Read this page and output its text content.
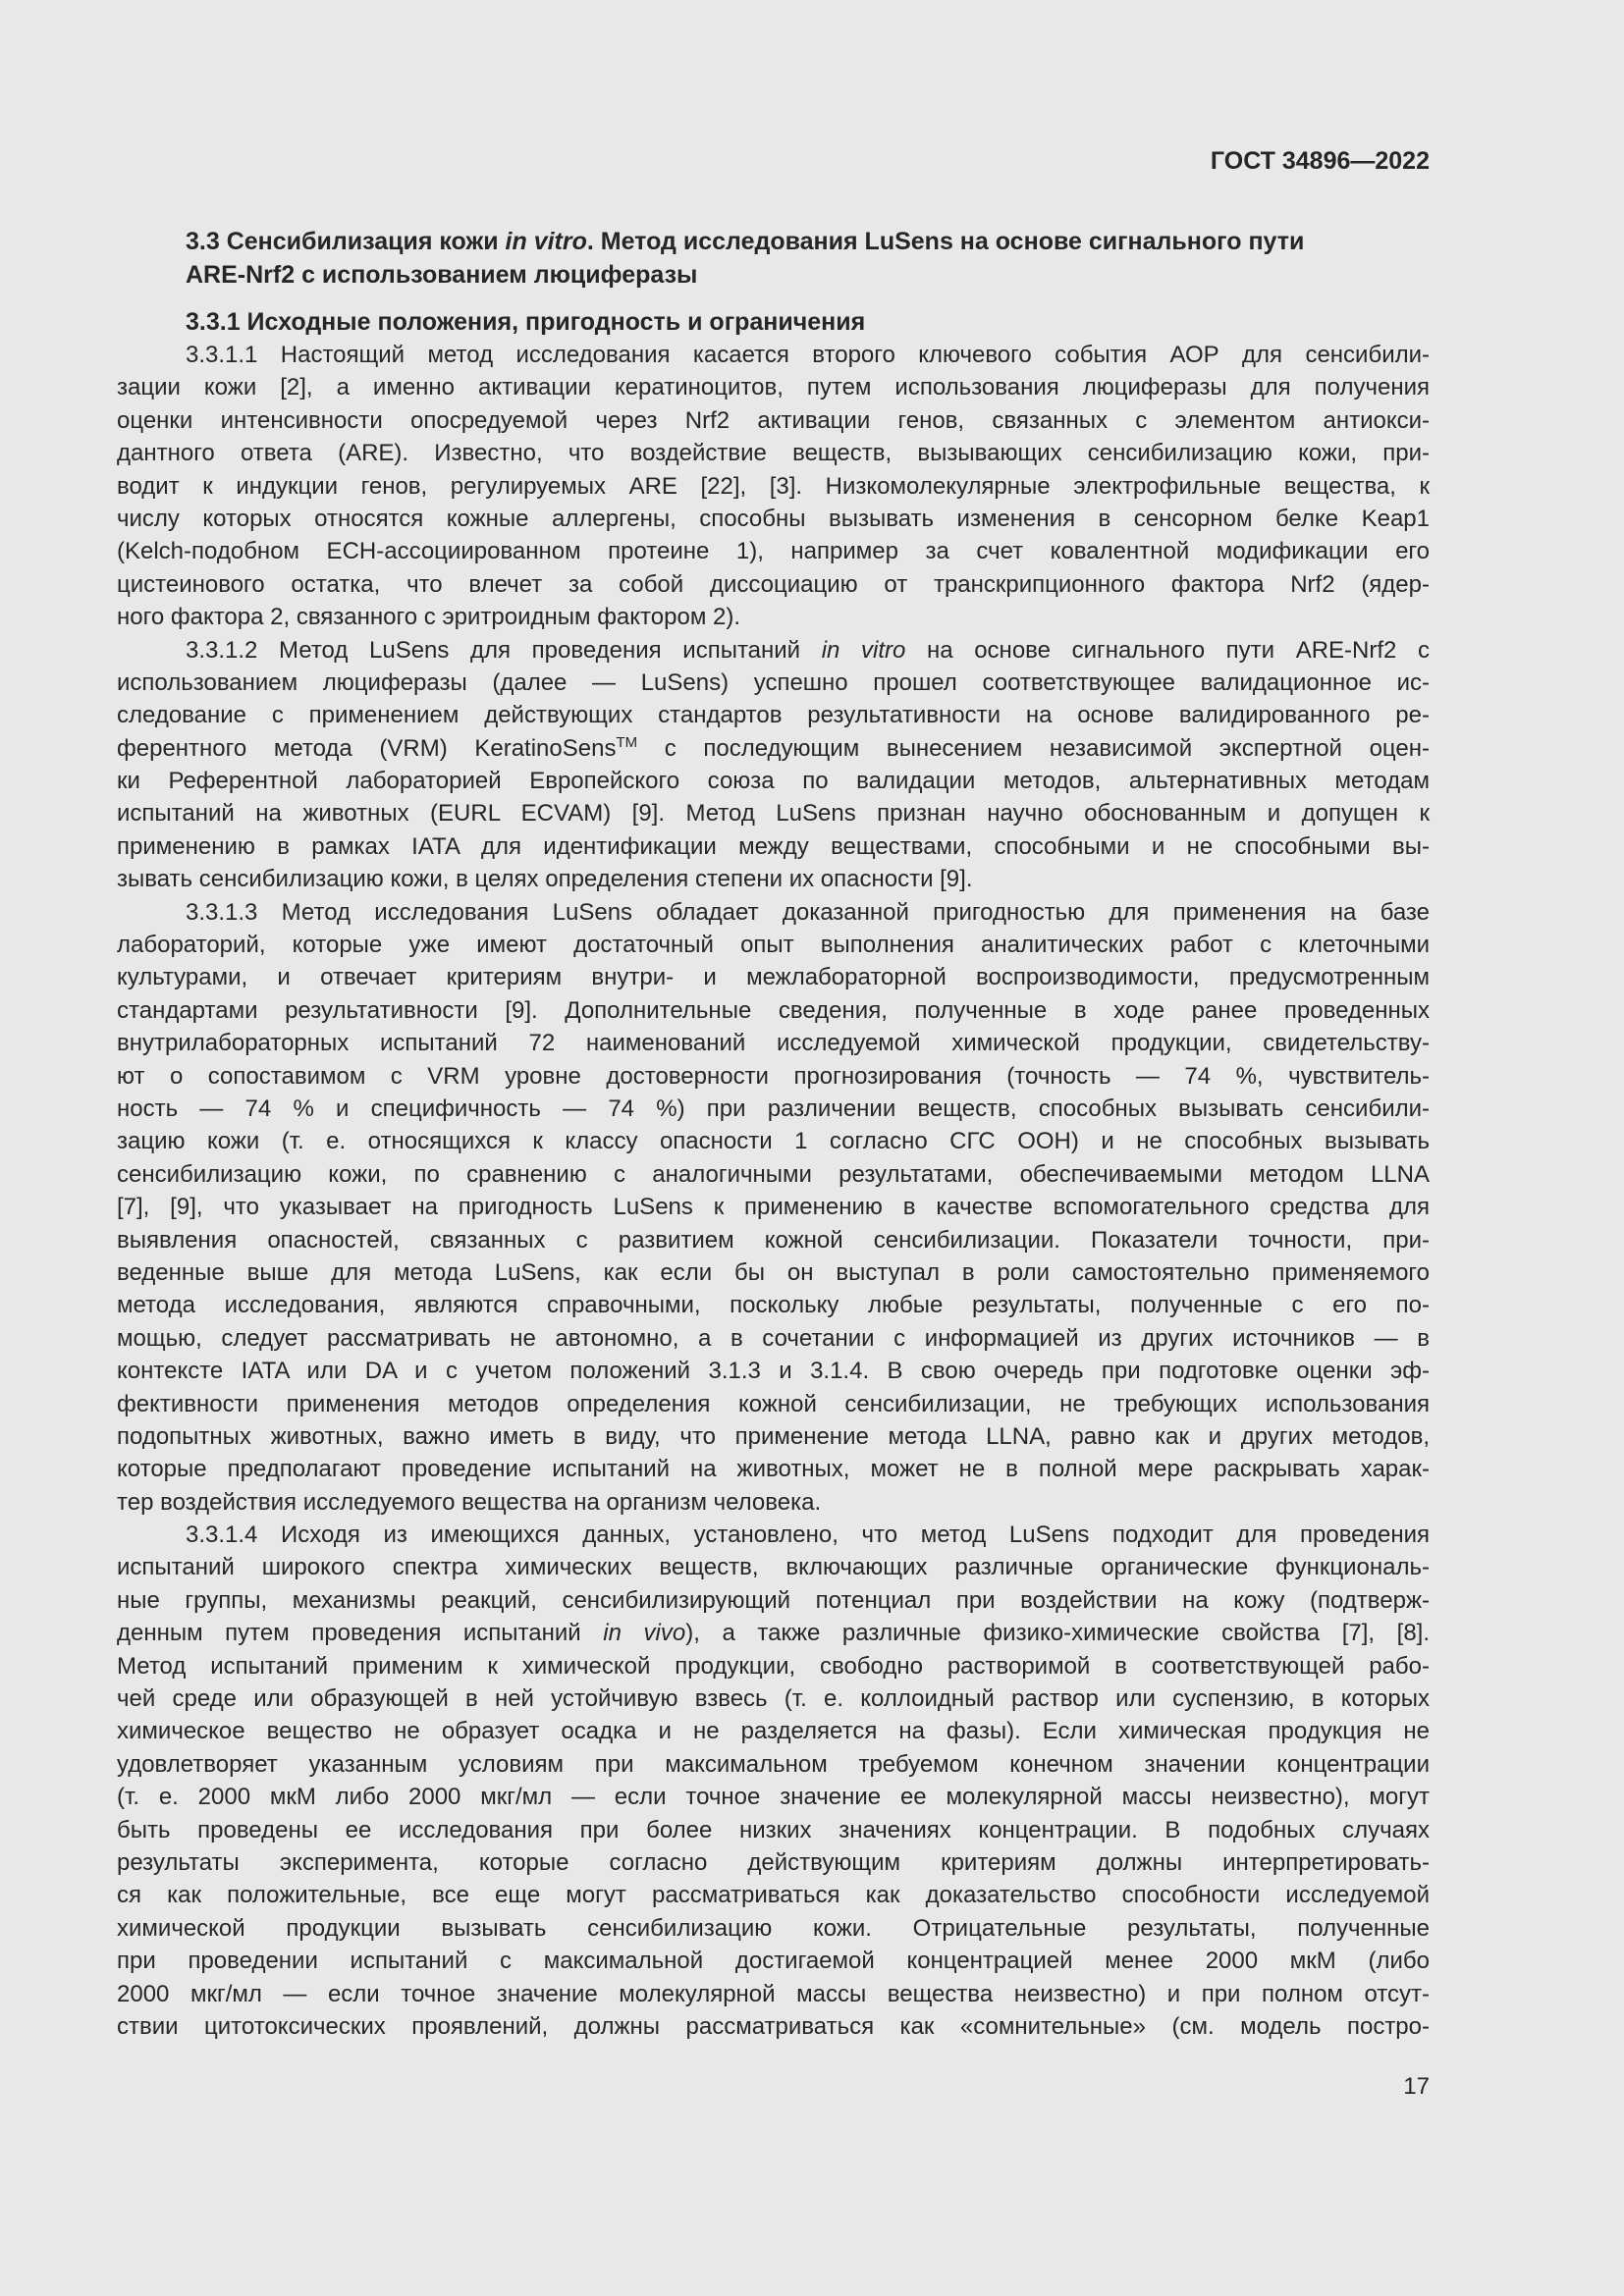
ГОСТ 34896—2022
3.3 Сенсибилизация кожи in vitro. Метод исследования LuSens на основе сигнального пути
ARE-Nrf2 с использованием люциферазы
3.3.1 Исходные положения, пригодность и ограничения
3.3.1.1 Настоящий метод исследования касается второго ключевого события АОР для сенсибили-
зации кожи [2], а именно активации кератиноцитов, путем использования люциферазы для получения
оценки интенсивности опосредуемой через Nrf2 активации генов, связанных с элементом антиокси-
дантного ответа (ARE). Известно, что воздействие веществ, вызывающих сенсибилизацию кожи, при-
водит к индукции генов, регулируемых ARE [22], [3]. Низкомолекулярные электрофильные вещества, к
числу которых относятся кожные аллергены, способны вызывать изменения в сенсорном белке Keap1
(Kelch-подобном ECH-ассоциированном протеине 1), например за счет ковалентной модификации его
цистеинового остатка, что влечет за собой диссоциацию от транскрипционного фактора Nrf2 (ядер-
ного фактора 2, связанного с эритроидным фактором 2).
3.3.1.2 Метод LuSens для проведения испытаний in vitro на основе сигнального пути ARE-Nrf2 с
использованием люциферазы (далее — LuSens) успешно прошел соответствующее валидационное ис-
следование с применением действующих стандартов результативности на основе валидированного ре-
ферентного метода (VRM) KeratinoSens™ с последующим вынесением независимой экспертной оцен-
ки Референтной лабораторией Европейского союза по валидации методов, альтернативных методам
испытаний на животных (EURL ECVAM) [9]. Метод LuSens признан научно обоснованным и допущен к
применению в рамках IATA для идентификации между веществами, способными и не способными вы-
зывать сенсибилизацию кожи, в целях определения степени их опасности [9].
3.3.1.3 Метод исследования LuSens обладает доказанной пригодностью для применения на базе
лабораторий, которые уже имеют достаточный опыт выполнения аналитических работ с клеточными
культурами, и отвечает критериям внутри- и межлабораторной воспроизводимости, предусмотренным
стандартами результативности [9]. Дополнительные сведения, полученные в ходе ранее проведенных
внутрилабораторных испытаний 72 наименований исследуемой химической продукции, свидетельству-
ют о сопоставимом с VRM уровне достоверности прогнозирования (точность — 74 %, чувствитель-
ность — 74 % и специфичность — 74 %) при различении веществ, способных вызывать сенсибили-
зацию кожи (т. е. относящихся к классу опасности 1 согласно СГС ООН) и не способных вызывать
сенсибилизацию кожи, по сравнению с аналогичными результатами, обеспечиваемыми методом LLNA
[7], [9], что указывает на пригодность LuSens к применению в качестве вспомогательного средства для
выявления опасностей, связанных с развитием кожной сенсибилизации. Показатели точности, при-
веденные выше для метода LuSens, как если бы он выступал в роли самостоятельно применяемого
метода исследования, являются справочными, поскольку любые результаты, полученные с его по-
мощью, следует рассматривать не автономно, а в сочетании с информацией из других источников — в
контексте IATA или DA и с учетом положений 3.1.3 и 3.1.4. В свою очередь при подготовке оценки эф-
фективности применения методов определения кожной сенсибилизации, не требующих использования
подопытных животных, важно иметь в виду, что применение метода LLNA, равно как и других методов,
которые предполагают проведение испытаний на животных, может не в полной мере раскрывать харак-
тер воздействия исследуемого вещества на организм человека.
3.3.1.4 Исходя из имеющихся данных, установлено, что метод LuSens подходит для проведения
испытаний широкого спектра химических веществ, включающих различные органические функциональ-
ные группы, механизмы реакций, сенсибилизирующий потенциал при воздействии на кожу (подтверж-
денным путем проведения испытаний in vivo), а также различные физико-химические свойства [7], [8].
Метод испытаний применим к химической продукции, свободно растворимой в соответствующей рабо-
чей среде или образующей в ней устойчивую взвесь (т. е. коллоидный раствор или суспензию, в которых
химическое вещество не образует осадка и не разделяется на фазы). Если химическая продукция не
удовлетворяет указанным условиям при максимальном требуемом конечном значении концентрации
(т. е. 2000 мкМ либо 2000 мкг/мл — если точное значение ее молекулярной массы неизвестно), могут
быть проведены ее исследования при более низких значениях концентрации. В подобных случаях
результаты эксперимента, которые согласно действующим критериям должны интерпретировать-
ся как положительные, все еще могут рассматриваться как доказательство способности исследуемой
химической продукции вызывать сенсибилизацию кожи. Отрицательные результаты, полученные
при проведении испытаний с максимальной достигаемой концентрацией менее 2000 мкМ (либо
2000 мкг/мл — если точное значение молекулярной массы вещества неизвестно) и при полном отсут-
ствии цитотоксических проявлений, должны рассматриваться как «сомнительные» (см. модель постро-
17
